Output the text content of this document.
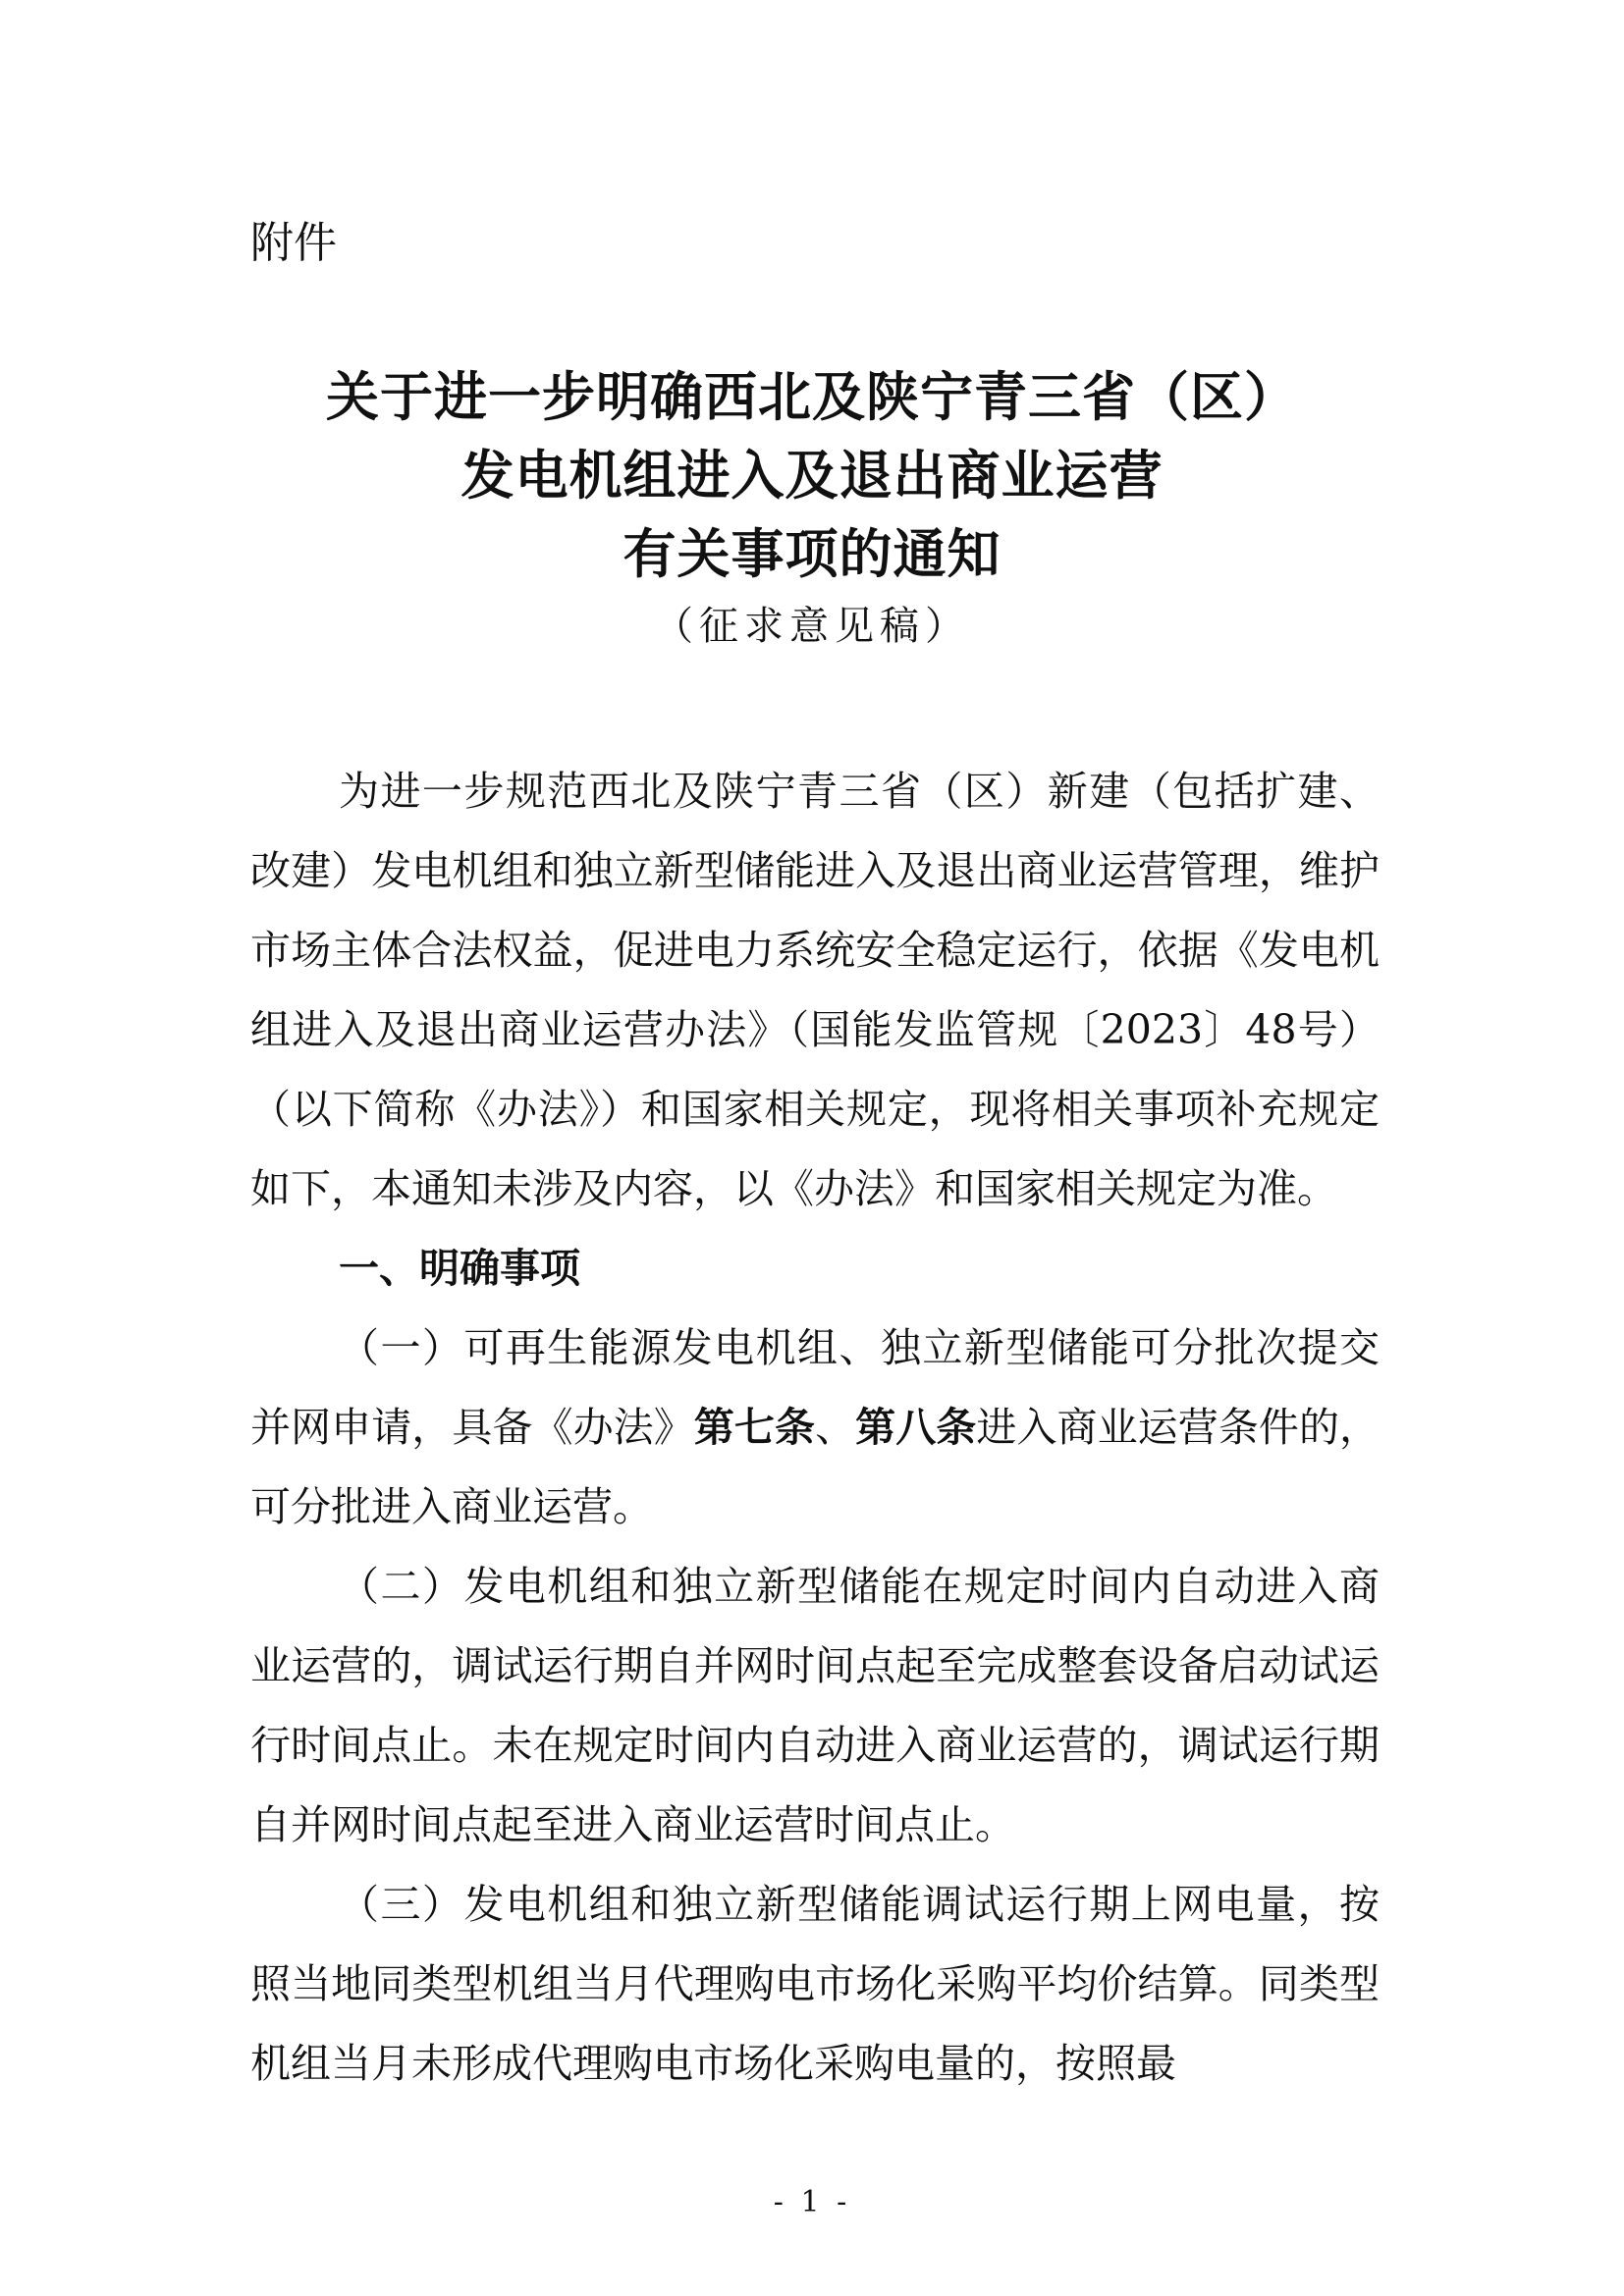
附件

关于进一步明确西北及陕宁青三省（区）

发电机组进入及退出商业运营

有关事项的通知

（征求意见稿）

为进一步规范西北及陕宁青三省（区）新建（包括扩建、改建）发电机组和独立新型储能进入及退出商业运营管理，维护市场主体合法权益，促进电力系统安全稳定运行，依据《发电机组进入及退出商业运营办法》（国能发监管规〔2023〕48号）（以下简称《办法》）和国家相关规定，现将相关事项补充规定如下，本通知未涉及内容，以《办法》和国家相关规定为准。

一、明确事项

（一）可再生能源发电机组、独立新型储能可分批次提交并网申请，具备《办法》第七条、第八条进入商业运营条件的，可分批进入商业运营。

（二）发电机组和独立新型储能在规定时间内自动进入商业运营的，调试运行期自并网时间点起至完成整套设备启动试运行时间点止。未在规定时间内自动进入商业运营的，调试运行期自并网时间点起至进入商业运营时间点止。

（三）发电机组和独立新型储能调试运行期上网电量，按照当地同类型机组当月代理购电市场化采购平均价结算。同类型机组当月未形成代理购电市场化采购电量的，按照最

- 1 -
